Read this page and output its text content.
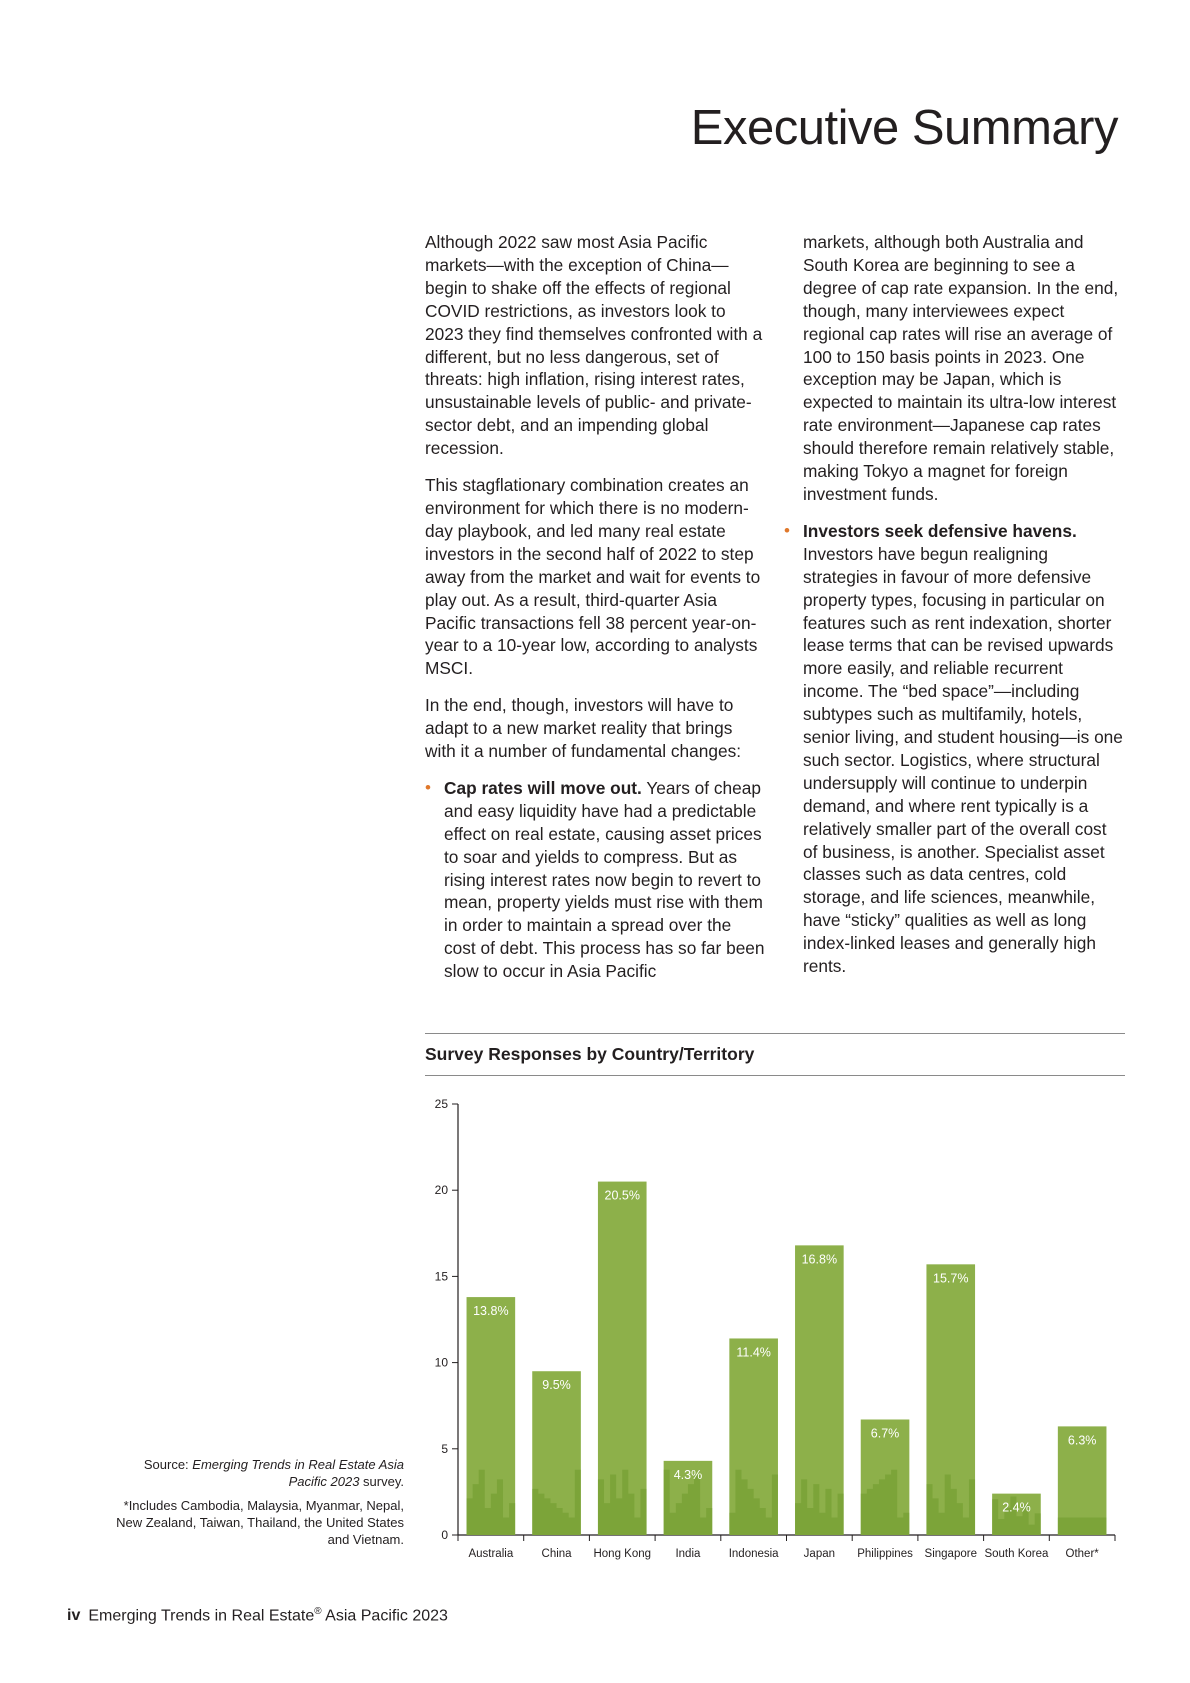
Executive Summary

Although 2022 saw most Asia Pacific markets—with the exception of China—begin to shake off the effects of regional COVID restrictions, as investors look to 2023 they find themselves confronted with a different, but no less dangerous, set of threats: high inflation, rising interest rates, unsustainable levels of public- and private-sector debt, and an impending global recession.

This stagflationary combination creates an environment for which there is no modern-day playbook, and led many real estate investors in the second half of 2022 to step away from the market and wait for events to play out. As a result, third-quarter Asia Pacific transactions fell 38 percent year-on-year to a 10-year low, according to analysts MSCI.

In the end, though, investors will have to adapt to a new market reality that brings with it a number of fundamental changes:

• Cap rates will move out. Years of cheap and easy liquidity have had a predictable effect on real estate, causing asset prices to soar and yields to compress. But as rising interest rates now begin to revert to mean, property yields must rise with them in order to maintain a spread over the cost of debt. This process has so far been slow to occur in Asia Pacific

markets, although both Australia and South Korea are beginning to see a degree of cap rate expansion. In the end, though, many interviewees expect regional cap rates will rise an average of 100 to 150 basis points in 2023. One exception may be Japan, which is expected to maintain its ultra-low interest rate environment—Japanese cap rates should therefore remain relatively stable, making Tokyo a magnet for foreign investment funds.

• Investors seek defensive havens. Investors have begun realigning strategies in favour of more defensive property types, focusing in particular on features such as rent indexation, shorter lease terms that can be revised upwards more easily, and reliable recurrent income. The “bed space”—including subtypes such as multifamily, hotels, senior living, and student housing—is one such sector. Logistics, where structural undersupply will continue to underpin demand, and where rent typically is a relatively smaller part of the overall cost of business, is another. Specialist asset classes such as data centres, cold storage, and life sciences, meanwhile, have “sticky” qualities as well as long index-linked leases and generally high rents.
Survey Responses by Country/Territory
0
5
10
15
20
25
13.8%
Australia
9.5%
China
20.5%
Hong Kong
4.3%
India
11.4%
Indonesia
16.8%
Japan
6.7%
Philippines
15.7%
Singapore
2.4%
South Korea
6.3%
Other*

Source: Emerging Trends in Real Estate Asia Pacific 2023 survey.

*Includes Cambodia, Malaysia, Myanmar, Nepal, New Zealand, Taiwan, Thailand, the United States and Vietnam.

iv Emerging Trends in Real Estate® Asia Pacific 2023
